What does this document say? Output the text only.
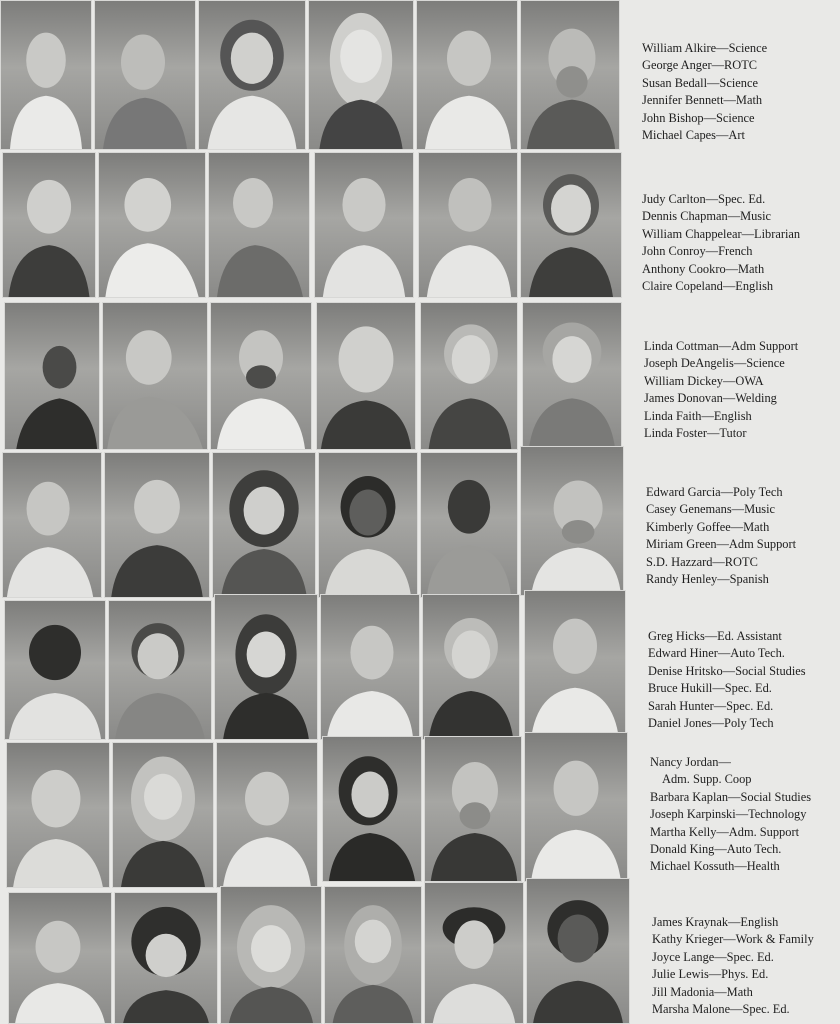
William Alkire—Science
George Anger—ROTC
Susan Bedall—Science
Jennifer Bennett—Math
John Bishop—Science
Michael Capes—Art
Judy Carlton—Spec. Ed.
Dennis Chapman—Music
William Chappelear—Librarian
John Conroy—French
Anthony Cookro—Math
Claire Copeland—English
Linda Cottman—Adm Support
Joseph DeAngelis—Science
William Dickey—OWA
James Donovan—Welding
Linda Faith—English
Linda Foster—Tutor
Edward Garcia—Poly Tech
Casey Genemans—Music
Kimberly Goffee—Math
Miriam Green—Adm Support
S.D. Hazzard—ROTC
Randy Henley—Spanish
Greg Hicks—Ed. Assistant
Edward Hiner—Auto Tech.
Denise Hritsko—Social Studies
Bruce Hukill—Spec. Ed.
Sarah Hunter—Spec. Ed.
Daniel Jones—Poly Tech
Nancy Jordan—
Adm. Supp. Coop
Barbara Kaplan—Social Studies
Joseph Karpinski—Technology
Martha Kelly—Adm. Support
Donald King—Auto Tech.
Michael Kossuth—Health
James Kraynak—English
Kathy Krieger—Work & Family
Joyce Lange—Spec. Ed.
Julie Lewis—Phys. Ed.
Jill Madonia—Math
Marsha Malone—Spec. Ed.
